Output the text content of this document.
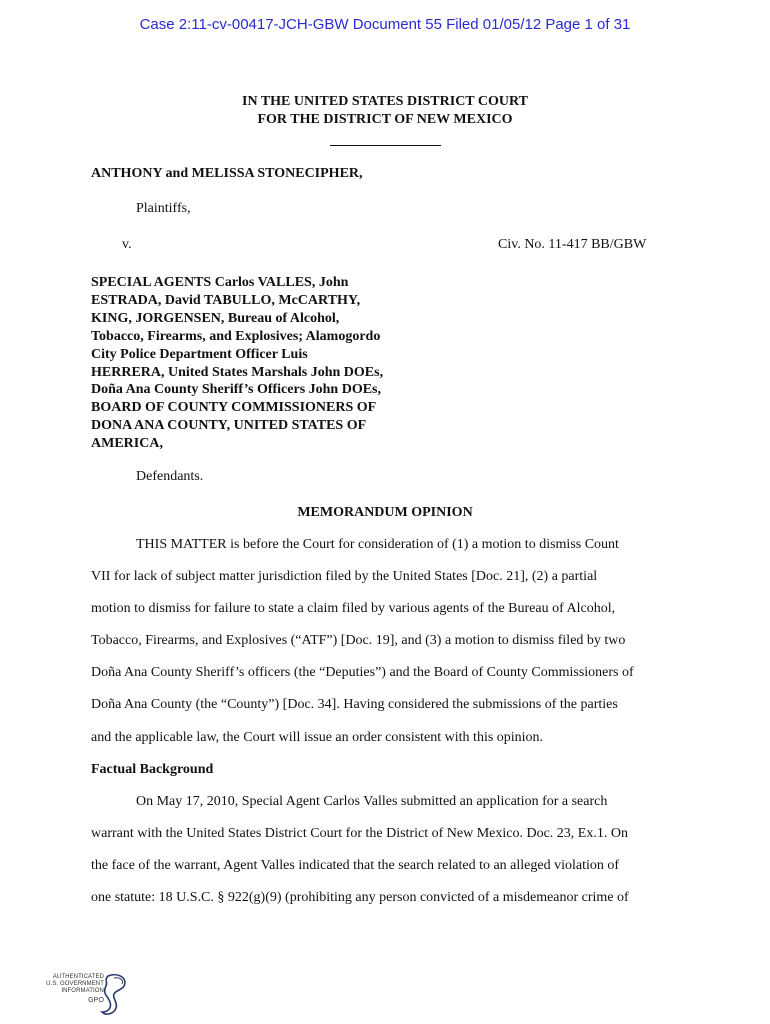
Case 2:11-cv-00417-JCH-GBW Document 55 Filed 01/05/12 Page 1 of 31
IN THE UNITED STATES DISTRICT COURT
FOR THE DISTRICT OF NEW MEXICO
ANTHONY and MELISSA STONECIPHER,
Plaintiffs,
v.	Civ. No. 11-417 BB/GBW
SPECIAL AGENTS Carlos VALLES, John
ESTRADA, David TABULLO, McCARTHY,
KING, JORGENSEN, Bureau of Alcohol,
Tobacco, Firearms, and Explosives; Alamogordo
City Police Department Officer Luis
HERRERA, United States Marshals John DOEs,
Doña Ana County Sheriff’s Officers John DOEs,
BOARD OF COUNTY COMMISSIONERS OF
DONA ANA COUNTY, UNITED STATES OF
AMERICA,
Defendants.
MEMORANDUM OPINION
THIS MATTER is before the Court for consideration of (1) a motion to dismiss Count
VII for lack of subject matter jurisdiction filed by the United States [Doc. 21], (2) a partial
motion to dismiss for failure to state a claim filed by various agents of the Bureau of Alcohol,
Tobacco, Firearms, and Explosives (“ATF”) [Doc. 19], and (3) a motion to dismiss filed by two
Doña Ana County Sheriff’s officers (the “Deputies”) and the Board of County Commissioners of
Doña Ana County (the “County”) [Doc. 34]. Having considered the submissions of the parties
and the applicable law, the Court will issue an order consistent with this opinion.
Factual Background
On May 17, 2010, Special Agent Carlos Valles submitted an application for a search
warrant with the United States District Court for the District of New Mexico. Doc. 23, Ex.1. On
the face of the warrant, Agent Valles indicated that the search related to an alleged violation of
one statute: 18 U.S.C. § 922(g)(9) (prohibiting any person convicted of a misdemeanor crime of
AUTHENTICATED
U.S. GOVERNMENT
INFORMATION
GPO
